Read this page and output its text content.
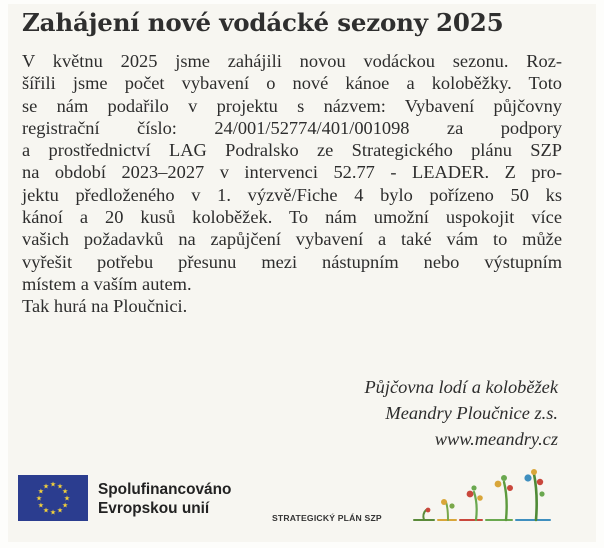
Zahájení nové vodácké sezony 2025
V květnu 2025 jsme zahájili novou vodáckou sezonu. Roz-
šířili jsme počet vybavení o nové kánoe a koloběžky. Toto
se nám podařilo v projektu s názvem: Vybavení půjčovny
registrační číslo: 24/001/52774/401/001098 za podpory
a prostřednictví LAG Podralsko ze Strategického plánu SZP
na období 2023–2027 v intervenci 52.77 - LEADER. Z pro-
jektu předloženého v 1. výzvě/Fiche 4 bylo pořízeno 50 ks
kánoí a 20 kusů koloběžek. To nám umožní uspokojit více
vašich požadavků na zapůjčení vybavení a také vám to může
vyřešit potřebu přesunu mezi nástupním nebo výstupním
místem a vaším autem.
Tak hurá na Ploučnici.
Půjčovna lodí a koloběžek
Meandry Ploučnice z.s.
www.meandry.cz
★ ★
★
★
★
★
★
★
★
★
★
★	Spolufinancováno
Evropskou unií
STRATEGICKÝ PLÁN SZP
